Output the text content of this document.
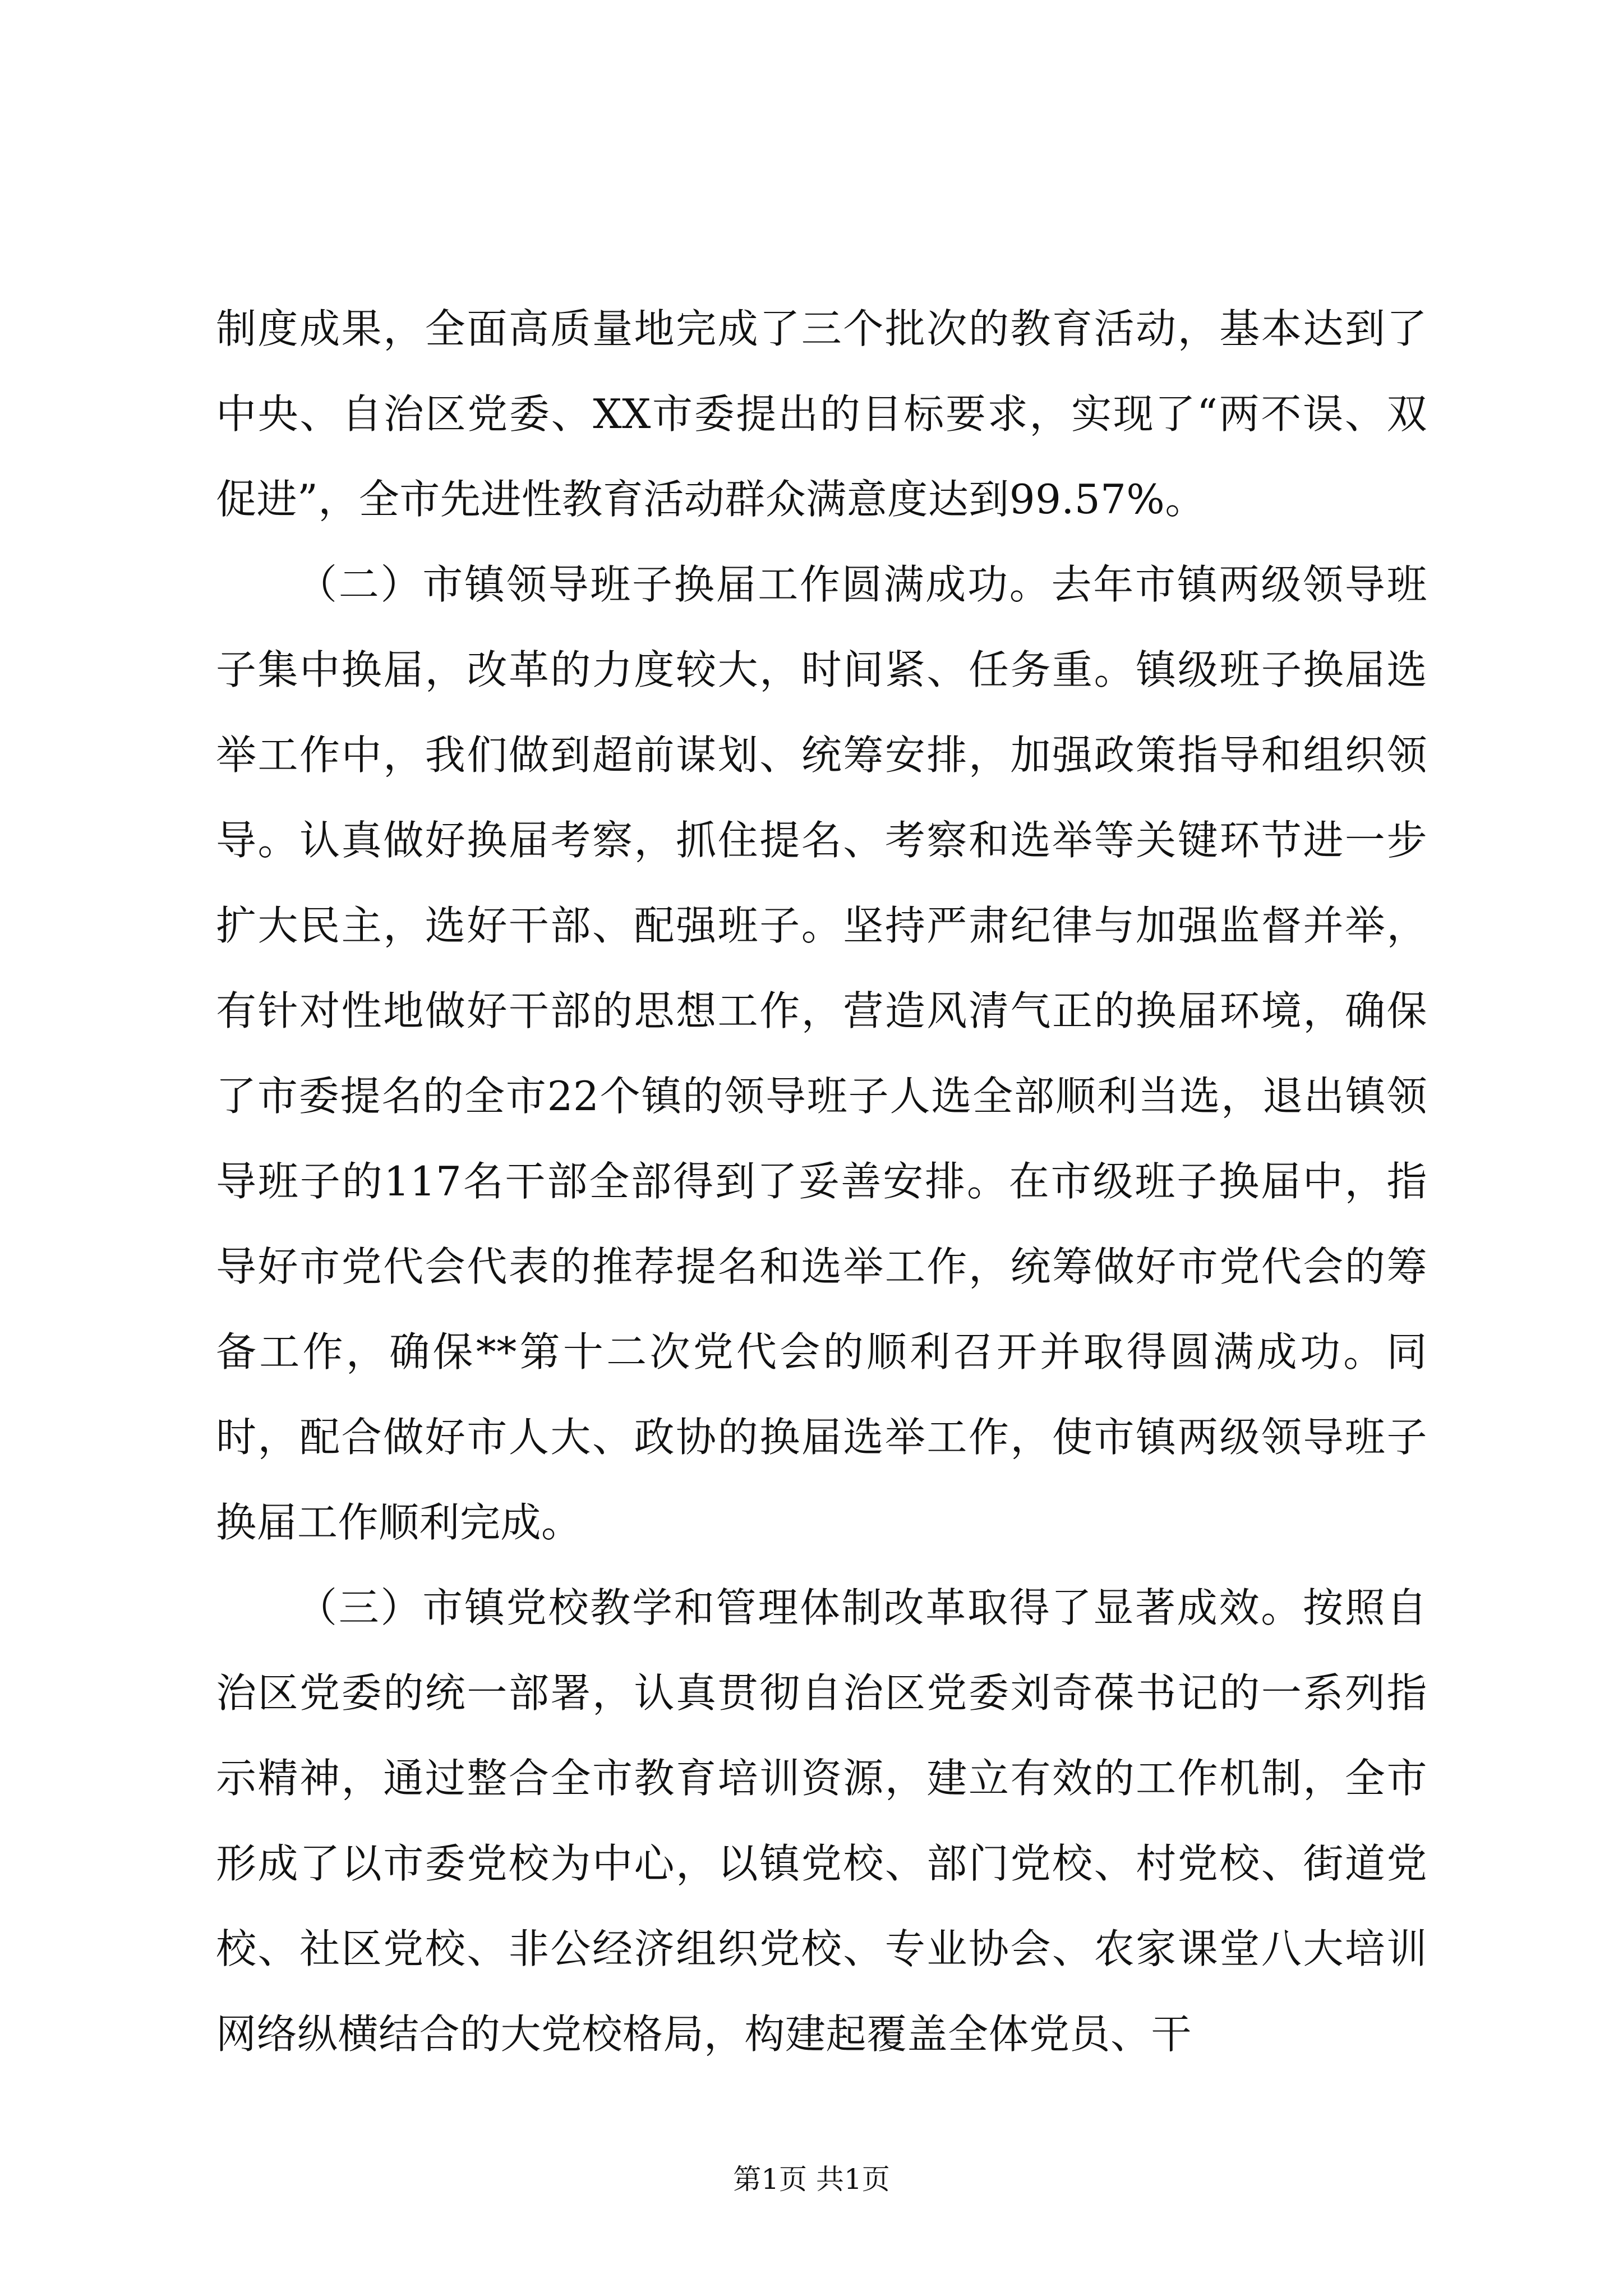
制度成果，全面高质量地完成了三个批次的教育活动，基本达到了中央、自治区党委、XX市委提出的目标要求，实现了“两不误、双促进”，全市先进性教育活动群众满意度达到99.57%。

（二）市镇领导班子换届工作圆满成功。去年市镇两级领导班子集中换届，改革的力度较大，时间紧、任务重。镇级班子换届选举工作中，我们做到超前谋划、统筹安排，加强政策指导和组织领导。认真做好换届考察，抓住提名、考察和选举等关键环节进一步扩大民主，选好干部、配强班子。坚持严肃纪律与加强监督并举，有针对性地做好干部的思想工作，营造风清气正的换届环境，确保了市委提名的全市22个镇的领导班子人选全部顺利当选，退出镇领导班子的117名干部全部得到了妥善安排。在市级班子换届中，指导好市党代会代表的推荐提名和选举工作，统筹做好市党代会的筹备工作，确保**第十二次党代会的顺利召开并取得圆满成功。同时，配合做好市人大、政协的换届选举工作，使市镇两级领导班子换届工作顺利完成。

（三）市镇党校教学和管理体制改革取得了显著成效。按照自治区党委的统一部署，认真贯彻自治区党委刘奇葆书记的一系列指示精神，通过整合全市教育培训资源，建立有效的工作机制，全市形成了以市委党校为中心，以镇党校、部门党校、村党校、街道党校、社区党校、非公经济组织党校、专业协会、农家课堂八大培训网络纵横结合的大党校格局，构建起覆盖全体党员、干

第1页 共1页
